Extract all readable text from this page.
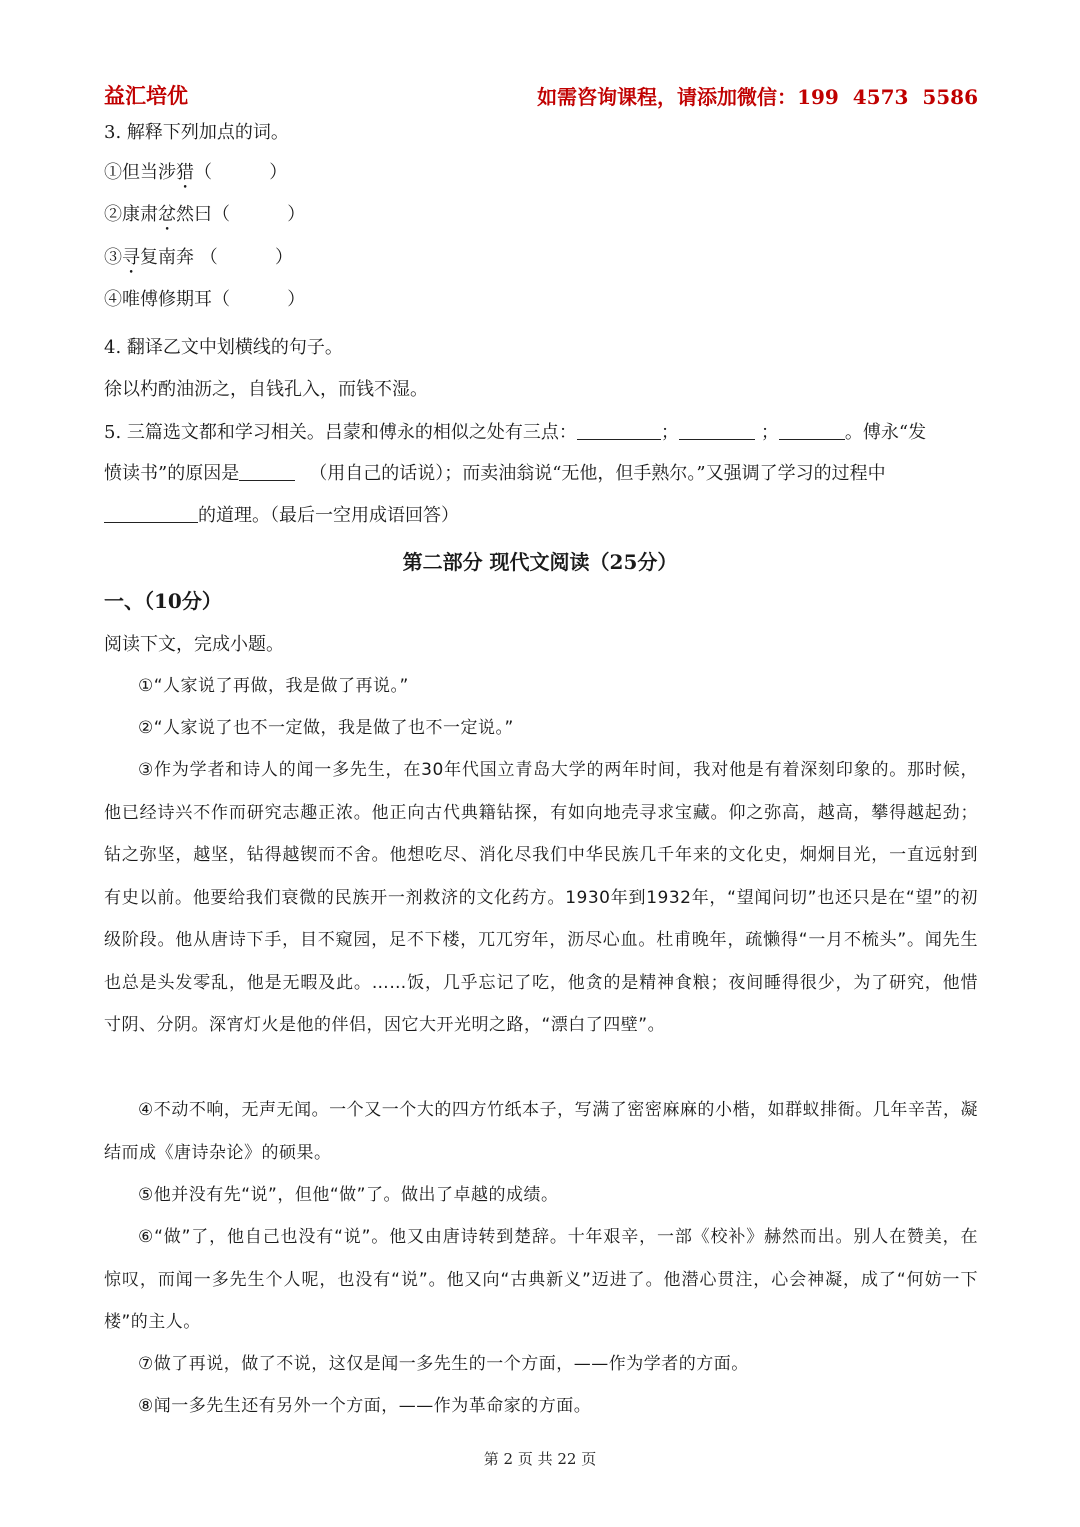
益汇培优	如需咨询课程，请添加微信：199  4573  5586
3. 解释下列加点的词。
①但当涉猎（          ）
②康肃忿然曰（          ）
③寻复南奔 （          ）
④唯傅修期耳（          ）
4. 翻译乙文中划横线的句子。
徐以杓酌油沥之，自钱孔入，而钱不湿。
5. 三篇选文都和学习相关。吕蒙和傅永的相似之处有三点：	；	；	。傅永“发
愤读书”的原因是	（用自己的话说）；而卖油翁说“无他，但手熟尔。”又强调了学习的过程中
的道理。（最后一空用成语回答）
第二部分 现代文阅读（25分）
一、（10分）
阅读下文，完成小题。
①“人家说了再做，我是做了再说。”
②“人家说了也不一定做，我是做了也不一定说。”
③作为学者和诗人的闻一多先生，在30年代国立青岛大学的两年时间，我对他是有着深刻印象的。那时候，他已经诗兴不作而研究志趣正浓。他正向古代典籍钻探，有如向地壳寻求宝藏。仰之弥高，越高，攀得越起劲；钻之弥坚，越坚，钻得越锲而不舍。他想吃尽、消化尽我们中华民族几千年来的文化史，炯炯目光，一直远射到有史以前。他要给我们衰微的民族开一剂救济的文化药方。1930年到1932年，“望闻问切”也还只是在“望”的初级阶段。他从唐诗下手，目不窥园，足不下楼，兀兀穷年，沥尽心血。杜甫晚年，疏懒得“一月不梳头”。闻先生也总是头发零乱，他是无暇及此。……饭，几乎忘记了吃，他贪的是精神食粮；夜间睡得很少，为了研究，他惜寸阴、分阴。深宵灯火是他的伴侣，因它大开光明之路，“漂白了四壁”。
④不动不响，无声无闻。一个又一个大的四方竹纸本子，写满了密密麻麻的小楷，如群蚁排衙。几年辛苦，凝结而成《唐诗杂论》的硕果。
⑤他并没有先“说”，但他“做”了。做出了卓越的成绩。
⑥“做”了，他自己也没有“说”。他又由唐诗转到楚辞。十年艰辛，一部《校补》赫然而出。别人在赞美，在惊叹，而闻一多先生个人呢，也没有“说”。他又向“古典新义”迈进了。他潜心贯注，心会神凝，成了“何妨一下楼”的主人。
⑦做了再说，做了不说，这仅是闻一多先生的一个方面，——作为学者的方面。
⑧闻一多先生还有另外一个方面，——作为革命家的方面。
第 2 页 共 22 页
